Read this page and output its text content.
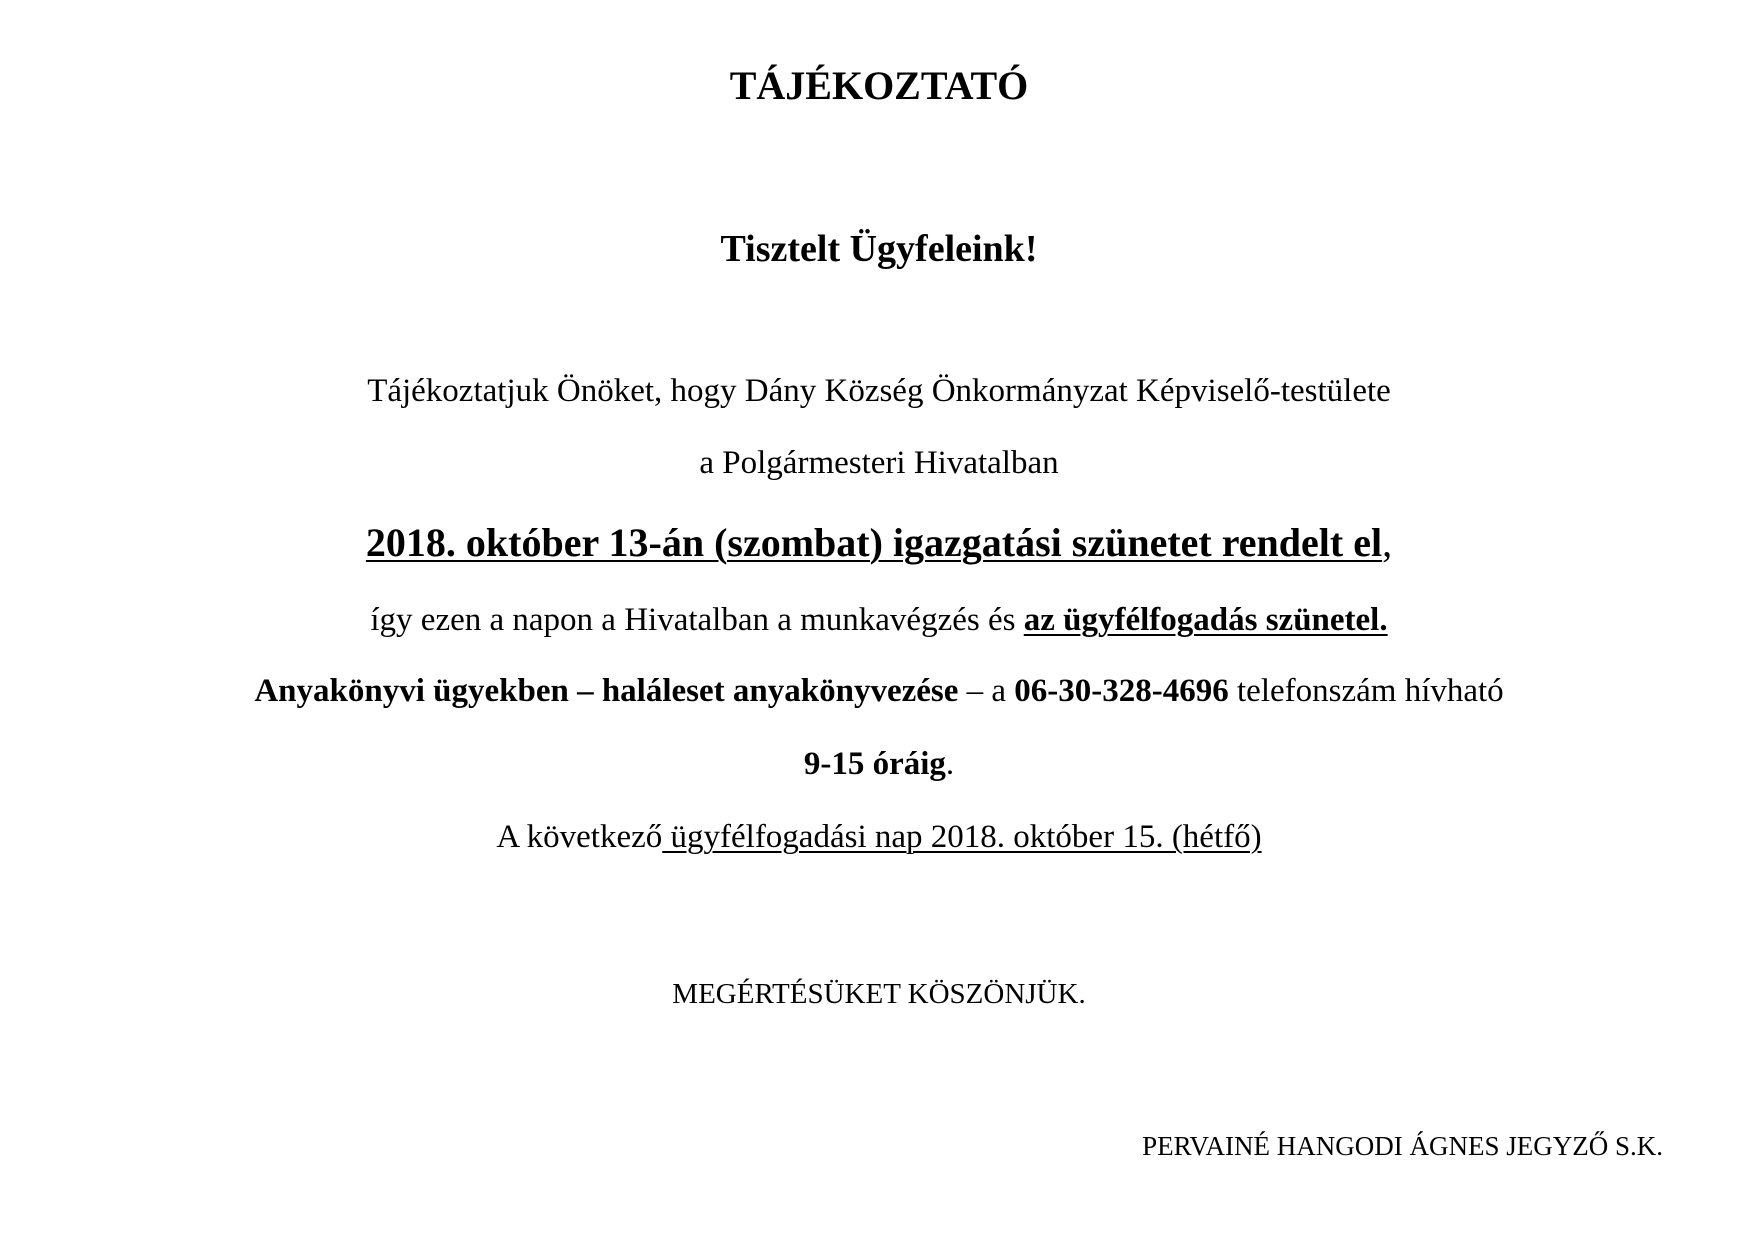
TÁJÉKOZTATÓ
Tisztelt Ügyfeleink!
Tájékoztatjuk Önöket, hogy Dány Község Önkormányzat Képviselő-testülete
a Polgármesteri Hivatalban
2018. október 13-án (szombat) igazgatási szünetet rendelt el,
így ezen a napon a Hivatalban a munkavégzés és az ügyfélfogadás szünetel.
Anyakönyvi ügyekben – haláleset anyakönyvezése – a 06-30-328-4696 telefonszám hívható
9-15 óráig.
A következő ügyfélfogadási nap 2018. október 15. (hétfő)
MEGÉRTÉSÜKET KÖSZÖNJÜK.
PERVAINÉ HANGODI ÁGNES JEGYZŐ S.K.
